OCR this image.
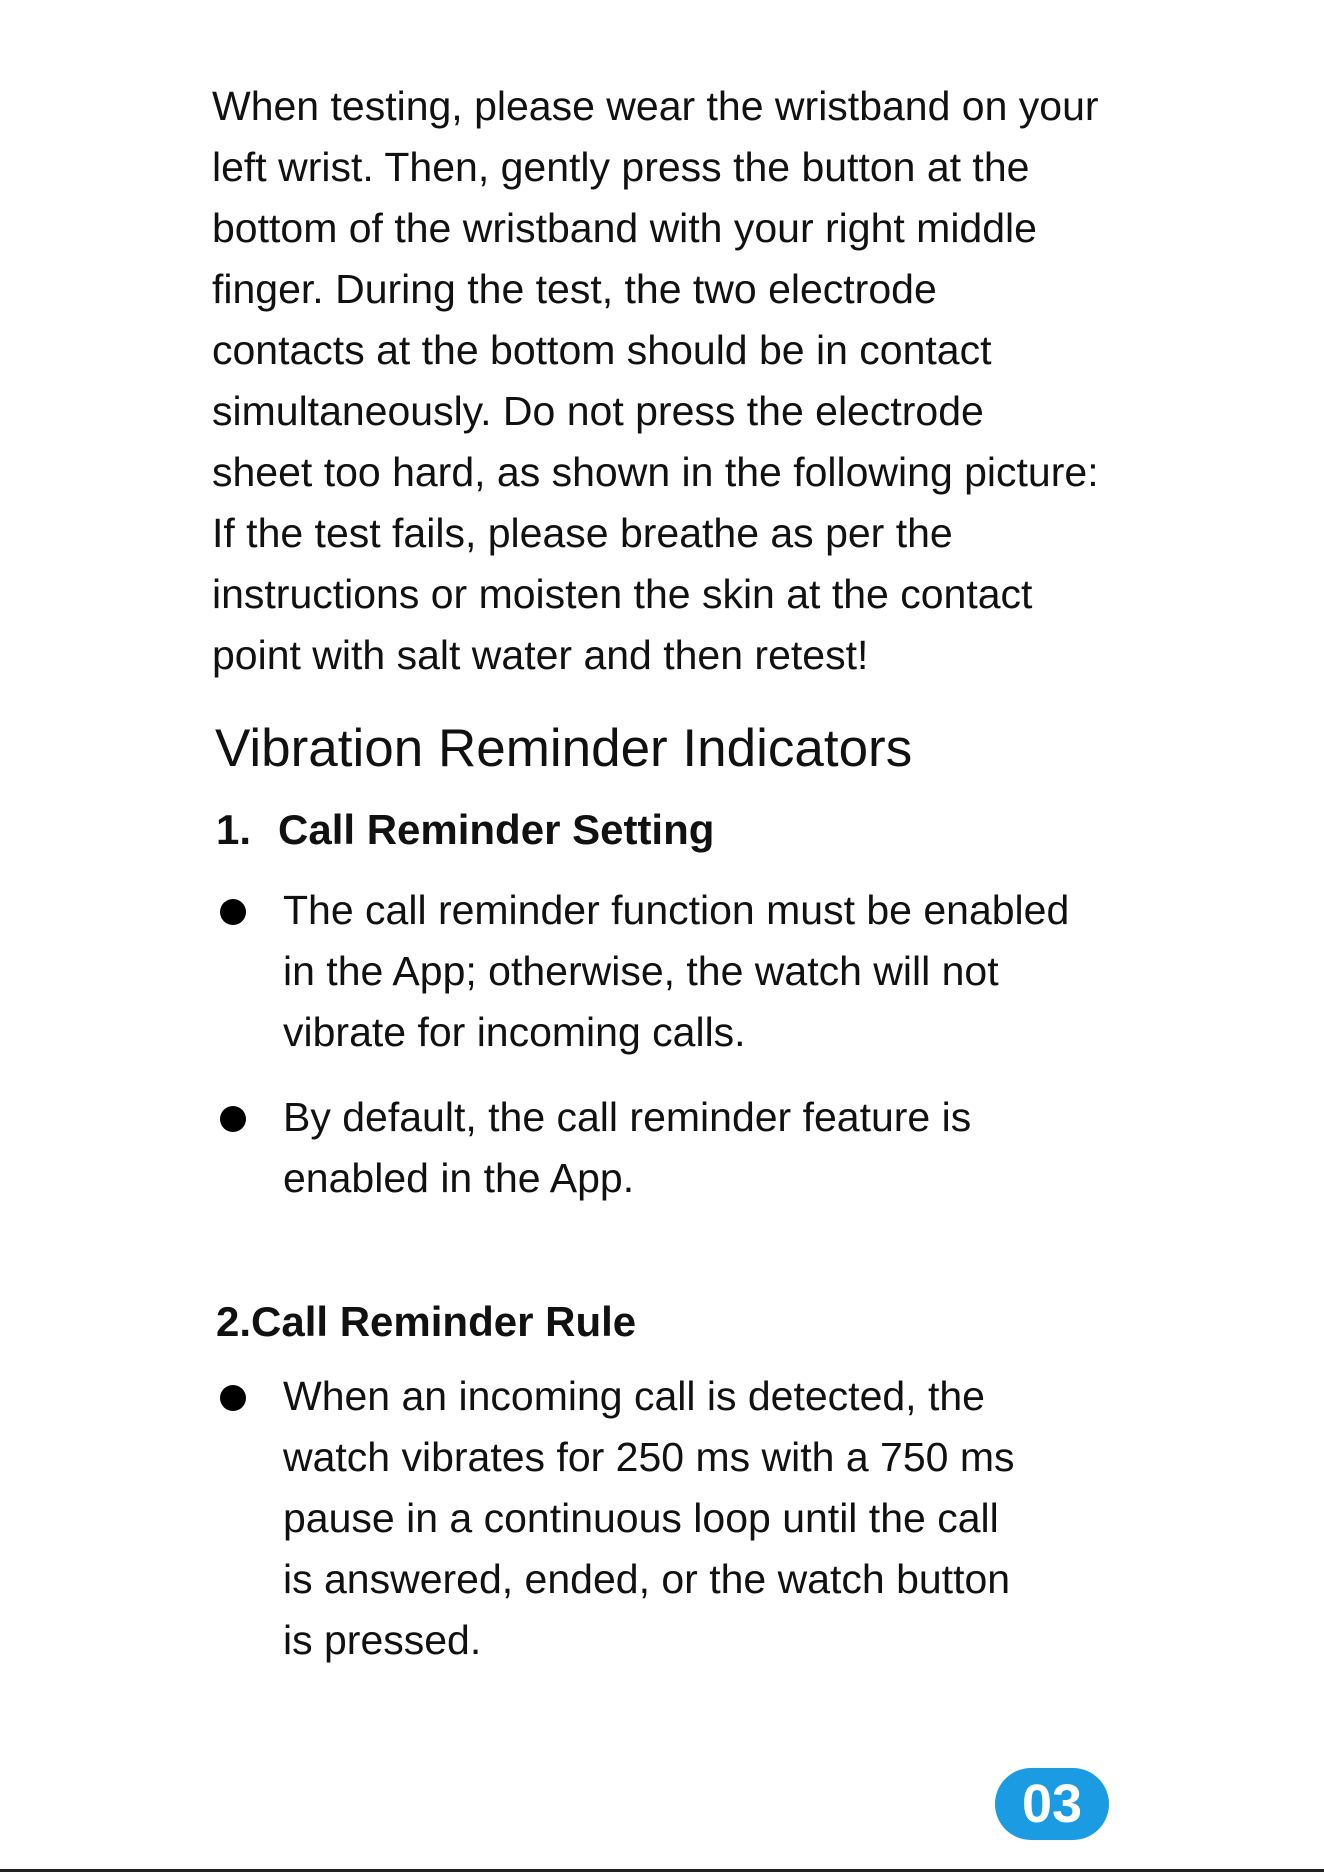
When testing, please wear the wristband on your
left wrist. Then, gently press the button at the
bottom of the wristband with your right middle
finger. During the test, the two electrode
contacts at the bottom should be in contact
simultaneously. Do not press the electrode
sheet too hard, as shown in the following picture:
If the test fails, please breathe as per the
instructions or moisten the skin at the contact
point with salt water and then retest!

Vibration Reminder Indicators
1. Call Reminder Setting
The call reminder function must be enabled
in the App; otherwise, the watch will not
vibrate for incoming calls.
By default, the call reminder feature is
enabled in the App.
2.Call Reminder Rule
When an incoming call is detected, the
watch vibrates for 250 ms with a 750 ms
pause in a continuous loop until the call
is answered, ended, or the watch button
is pressed.
03
